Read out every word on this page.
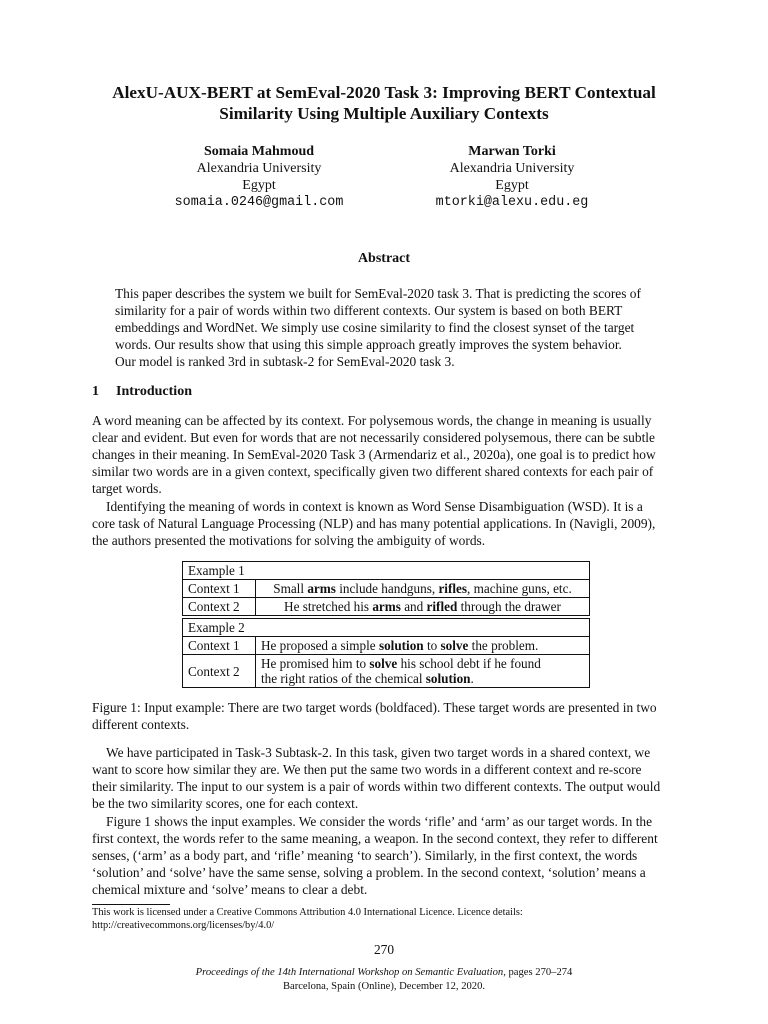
AlexU-AUX-BERT at SemEval-2020 Task 3: Improving BERT Contextual
Similarity Using Multiple Auxiliary Contexts
Somaia Mahmoud
Alexandria University
Egypt
somaia.0246@gmail.com
Marwan Torki
Alexandria University
Egypt
mtorki@alexu.edu.eg
Abstract
This paper describes the system we built for SemEval-2020 task 3. That is predicting the scores of
similarity for a pair of words within two different contexts. Our system is based on both BERT
embeddings and WordNet. We simply use cosine similarity to find the closest synset of the target
words. Our results show that using this simple approach greatly improves the system behavior.
Our model is ranked 3rd in subtask-2 for SemEval-2020 task 3.
1 Introduction
A word meaning can be affected by its context. For polysemous words, the change in meaning is usually
clear and evident. But even for words that are not necessarily considered polysemous, there can be subtle
changes in their meaning. In SemEval-2020 Task 3 (Armendariz et al., 2020a), one goal is to predict how
similar two words are in a given context, specifically given two different shared contexts for each pair of
target words.
Identifying the meaning of words in context is known as Word Sense Disambiguation (WSD). It is a
core task of Natural Language Processing (NLP) and has many potential applications. In (Navigli, 2009),
the authors presented the motivations for solving the ambiguity of words.
Example 1	
Context 1	Small arms include handguns, rifles, machine guns, etc.
Context 2	He stretched his arms and rifled through the drawer

Example 2	
Context 1	He proposed a simple solution to solve the problem.
Context 2	He promised him to solve his school debt if he found
the right ratios of the chemical solution.
Figure 1: Input example: There are two target words (boldfaced). These target words are presented in two
different contexts.
We have participated in Task-3 Subtask-2. In this task, given two target words in a shared context, we
want to score how similar they are. We then put the same two words in a different context and re-score
their similarity. The input to our system is a pair of words within two different contexts. The output would
be the two similarity scores, one for each context.
Figure 1 shows the input examples. We consider the words ‘rifle’ and ‘arm’ as our target words. In the
first context, the words refer to the same meaning, a weapon. In the second context, they refer to different
senses, (‘arm’ as a body part, and ‘rifle’ meaning ‘to search’). Similarly, in the first context, the words
‘solution’ and ‘solve’ have the same sense, solving a problem. In the second context, ‘solution’ means a
chemical mixture and ‘solve’ means to clear a debt.
This work is licensed under a Creative Commons Attribution 4.0 International Licence. Licence details:
http://creativecommons.org/licenses/by/4.0/
270
Proceedings of the 14th International Workshop on Semantic Evaluation, pages 270–274
Barcelona, Spain (Online), December 12, 2020.
